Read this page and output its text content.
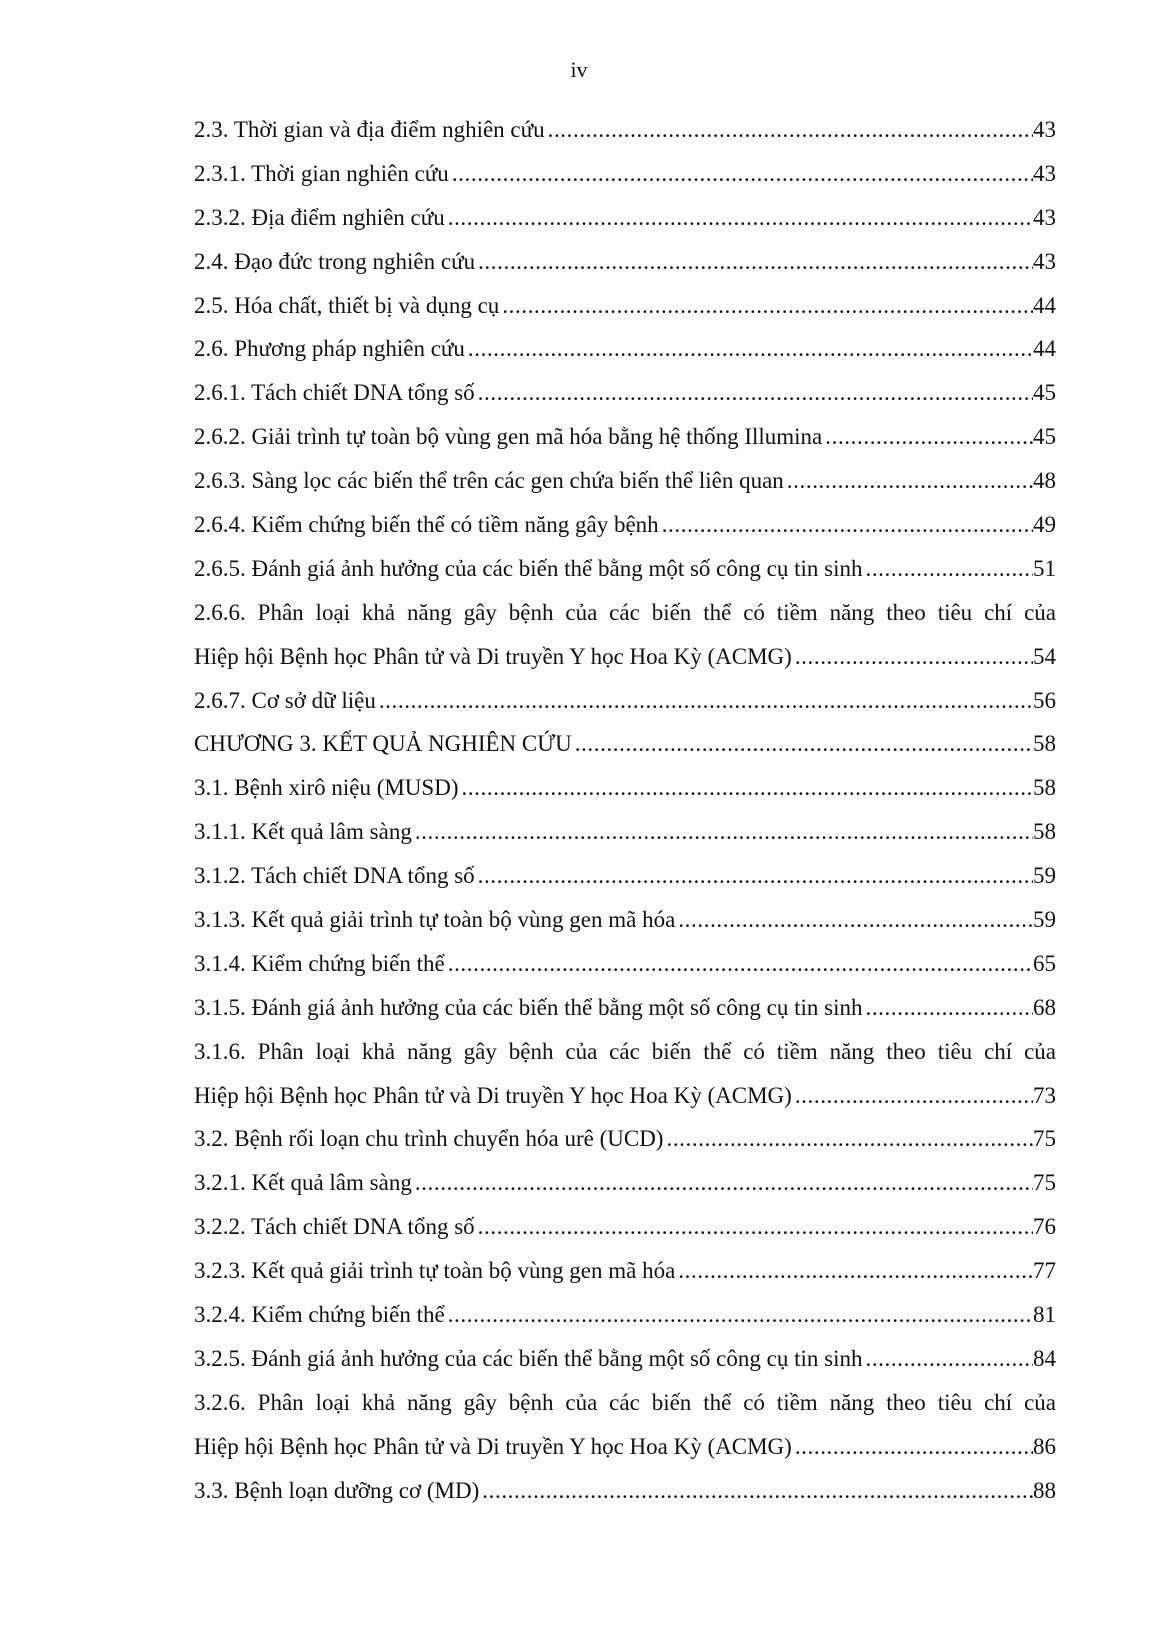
iv
2.3. Thời gian và địa điểm nghiên cứu .....	43
2.3.1. Thời gian nghiên cứu .....	43
2.3.2. Địa điểm nghiên cứu .....	43
2.4. Đạo đức trong nghiên cứu .....	43
2.5. Hóa chất, thiết bị và dụng cụ .....	44
2.6. Phương pháp nghiên cứu .....	44
2.6.1. Tách chiết DNA tổng số .....	45
2.6.2. Giải trình tự toàn bộ vùng gen mã hóa bằng hệ thống Illumina .....	45
2.6.3. Sàng lọc các biến thể trên các gen chứa biến thể liên quan .....	48
2.6.4. Kiểm chứng biến thể có tiềm năng gây bệnh .....	49
2.6.5. Đánh giá ảnh hưởng của các biến thể bằng một số công cụ tin sinh .....	51
2.6.6. Phân loại khả năng gây bệnh của các biến thể có tiềm năng theo tiêu chí của
Hiệp hội Bệnh học Phân tử và Di truyền Y học Hoa Kỳ (ACMG) .....	54
2.6.7. Cơ sở dữ liệu .....	56
CHƯƠNG 3. KẾT QUẢ NGHIÊN CỨU .....	58
3.1. Bệnh xirô niệu (MUSD) .....	58
3.1.1. Kết quả lâm sàng .....	58
3.1.2. Tách chiết DNA tổng số .....	59
3.1.3. Kết quả giải trình tự toàn bộ vùng gen mã hóa .....	59
3.1.4. Kiểm chứng biến thể .....	65
3.1.5. Đánh giá ảnh hưởng của các biến thể bằng một số công cụ tin sinh .....	68
3.1.6. Phân loại khả năng gây bệnh của các biến thể có tiềm năng theo tiêu chí của
Hiệp hội Bệnh học Phân tử và Di truyền Y học Hoa Kỳ (ACMG) .....	73
3.2. Bệnh rối loạn chu trình chuyển hóa urê (UCD) .....	75
3.2.1. Kết quả lâm sàng .....	75
3.2.2. Tách chiết DNA tổng số .....	76
3.2.3. Kết quả giải trình tự toàn bộ vùng gen mã hóa .....	77
3.2.4. Kiểm chứng biến thể .....	81
3.2.5. Đánh giá ảnh hưởng của các biến thể bằng một số công cụ tin sinh .....	84
3.2.6. Phân loại khả năng gây bệnh của các biến thể có tiềm năng theo tiêu chí của
Hiệp hội Bệnh học Phân tử và Di truyền Y học Hoa Kỳ (ACMG) .....	86
3.3. Bệnh loạn dưỡng cơ (MD) .....	88
